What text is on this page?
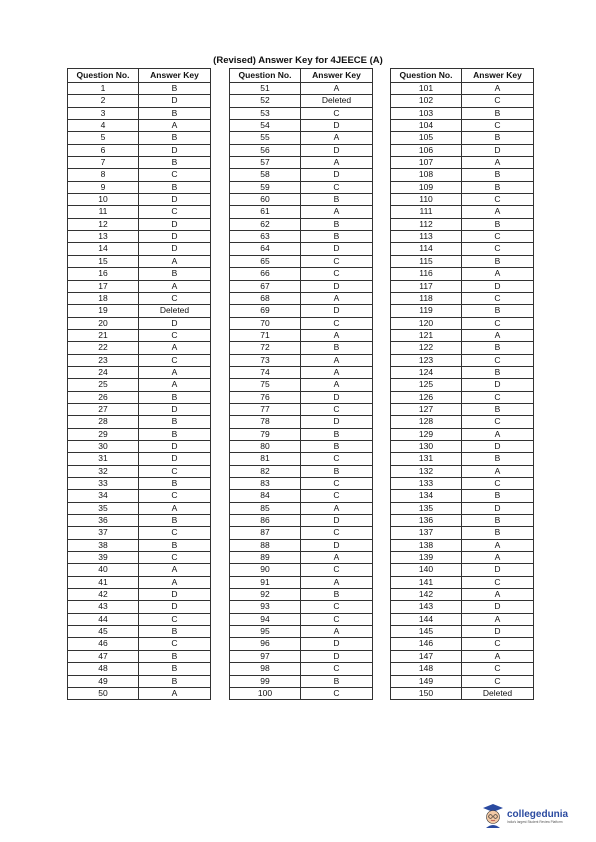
(Revised) Answer Key for 4JEECE (A)
Question No.	Answer Key
1	B
2	D
3	B
4	A
5	B
6	D
7	B
8	C
9	B
10	D
11	C
12	D
13	D
14	D
15	A
16	B
17	A
18	C
19	Deleted
20	D
21	C
22	A
23	C
24	A
25	A
26	B
27	D
28	B
29	B
30	D
31	D
32	C
33	B
34	C
35	A
36	B
37	C
38	B
39	C
40	A
41	A
42	D
43	D
44	C
45	B
46	C
47	B
48	B
49	B
50	A
Question No.	Answer Key
51	A
52	Deleted
53	C
54	D
55	A
56	D
57	A
58	D
59	C
60	B
61	A
62	B
63	B
64	D
65	C
66	C
67	D
68	A
69	D
70	C
71	A
72	B
73	A
74	A
75	A
76	D
77	C
78	D
79	B
80	B
81	C
82	B
83	C
84	C
85	A
86	D
87	C
88	D
89	A
90	C
91	A
92	B
93	C
94	C
95	A
96	D
97	D
98	C
99	B
100	C
Question No.	Answer Key
101	A
102	C
103	B
104	C
105	B
106	D
107	A
108	B
109	B
110	C
111	A
112	B
113	C
114	C
115	B
116	A
117	D
118	C
119	B
120	C
121	A
122	B
123	C
124	B
125	D
126	C
127	B
128	C
129	A
130	D
131	B
132	A
133	C
134	B
135	D
136	B
137	B
138	A
139	A
140	D
141	C
142	A
143	D
144	A
145	D
146	C
147	A
148	C
149	C
150	Deleted
collegedunia
India's largest Student Review Platform
